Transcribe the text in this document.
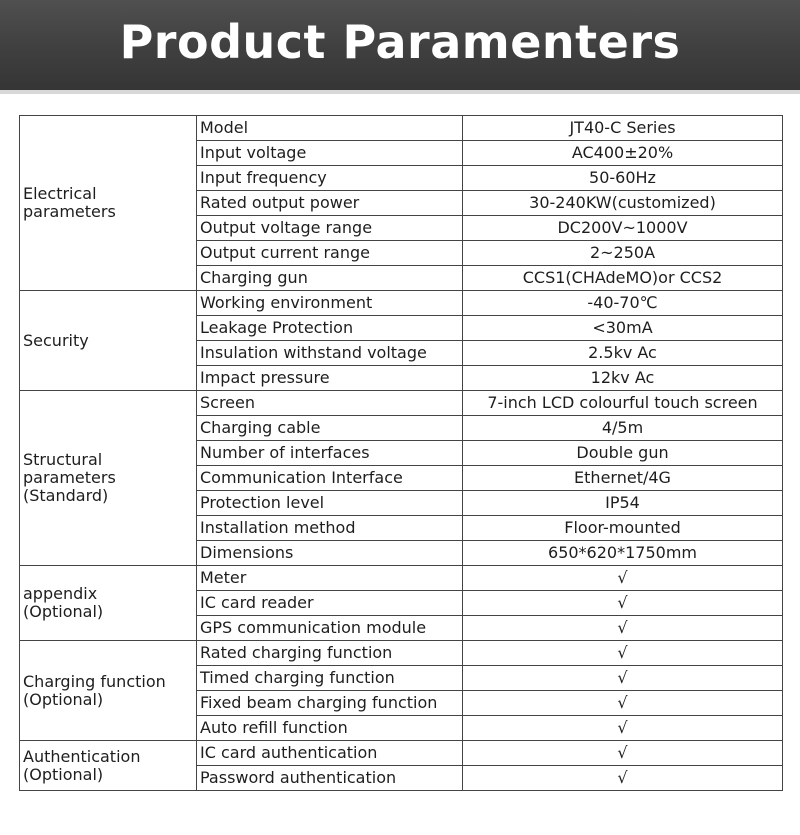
Product Paramenters
Electrical
parameters	Model	JT40-C Series
	Input voltage	AC400±20%
	Input frequency	50-60Hz
	Rated output power	30-240KW(customized)
	Output voltage range	DC200V~1000V
	Output current range	2~250A
	Charging gun	CCS1(CHAdeMO)or CCS2

Security	Working environment	-40-70℃
	Leakage Protection	<30mA
	Insulation withstand voltage	2.5kv Ac
	Impact pressure	12kv Ac

Structural
parameters
(Standard)	Screen	7-inch LCD colourful touch screen
	Charging cable	4/5m
	Number of interfaces	Double gun
	Communication Interface	Ethernet/4G
	Protection level	IP54
	Installation method	Floor-mounted
	Dimensions	650*620*1750mm

appendix
(Optional)	Meter	√
	IC card reader	√
	GPS communication module	√

Charging function
(Optional)	Rated charging function	√
	Timed charging function	√
	Fixed beam charging function	√
	Auto refill function	√

Authentication
(Optional)	IC card authentication	√
	Password authentication	√
